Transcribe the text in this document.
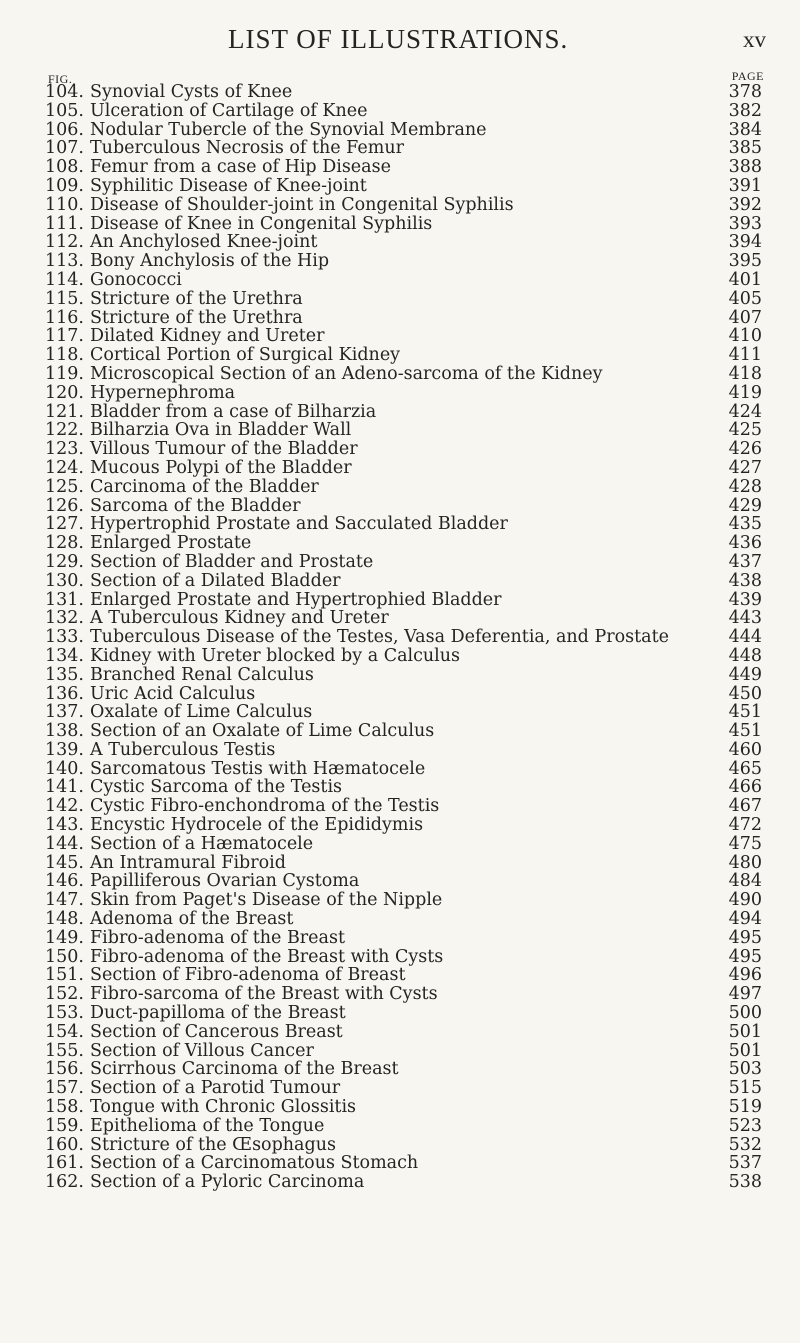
LIST OF ILLUSTRATIONS.	xv
FIG.	PAGE
104. Synovial Cysts of Knee	378
105. Ulceration of Cartilage of Knee	382
106. Nodular Tubercle of the Synovial Membrane	384
107. Tuberculous Necrosis of the Femur	385
108. Femur from a case of Hip Disease	388
109. Syphilitic Disease of Knee-joint	391
110. Disease of Shoulder-joint in Congenital Syphilis	392
111. Disease of Knee in Congenital Syphilis	393
112. An Anchylosed Knee-joint	394
113. Bony Anchylosis of the Hip	395
114. Gonococci	401
115. Stricture of the Urethra	405
116. Stricture of the Urethra	407
117. Dilated Kidney and Ureter	410
118. Cortical Portion of Surgical Kidney	411
119. Microscopical Section of an Adeno-sarcoma of the Kidney	418
120. Hypernephroma	419
121. Bladder from a case of Bilharzia	424
122. Bilharzia Ova in Bladder Wall	425
123. Villous Tumour of the Bladder	426
124. Mucous Polypi of the Bladder	427
125. Carcinoma of the Bladder	428
126. Sarcoma of the Bladder	429
127. Hypertrophid Prostate and Sacculated Bladder	435
128. Enlarged Prostate	436
129. Section of Bladder and Prostate	437
130. Section of a Dilated Bladder	438
131. Enlarged Prostate and Hypertrophied Bladder	439
132. A Tuberculous Kidney and Ureter	443
133. Tuberculous Disease of the Testes, Vasa Deferentia, and Prostate	444
134. Kidney with Ureter blocked by a Calculus	448
135. Branched Renal Calculus	449
136. Uric Acid Calculus	450
137. Oxalate of Lime Calculus	451
138. Section of an Oxalate of Lime Calculus	451
139. A Tuberculous Testis	460
140. Sarcomatous Testis with Hæmatocele	465
141. Cystic Sarcoma of the Testis	466
142. Cystic Fibro-enchondroma of the Testis	467
143. Encystic Hydrocele of the Epididymis	472
144. Section of a Hæmatocele	475
145. An Intramural Fibroid	480
146. Papilliferous Ovarian Cystoma	484
147. Skin from Paget's Disease of the Nipple	490
148. Adenoma of the Breast	494
149. Fibro-adenoma of the Breast	495
150. Fibro-adenoma of the Breast with Cysts	495
151. Section of Fibro-adenoma of Breast	496
152. Fibro-sarcoma of the Breast with Cysts	497
153. Duct-papilloma of the Breast	500
154. Section of Cancerous Breast	501
155. Section of Villous Cancer	501
156. Scirrhous Carcinoma of the Breast	503
157. Section of a Parotid Tumour	515
158. Tongue with Chronic Glossitis	519
159. Epithelioma of the Tongue	523
160. Stricture of the Œsophagus	532
161. Section of a Carcinomatous Stomach	537
162. Section of a Pyloric Carcinoma	538
